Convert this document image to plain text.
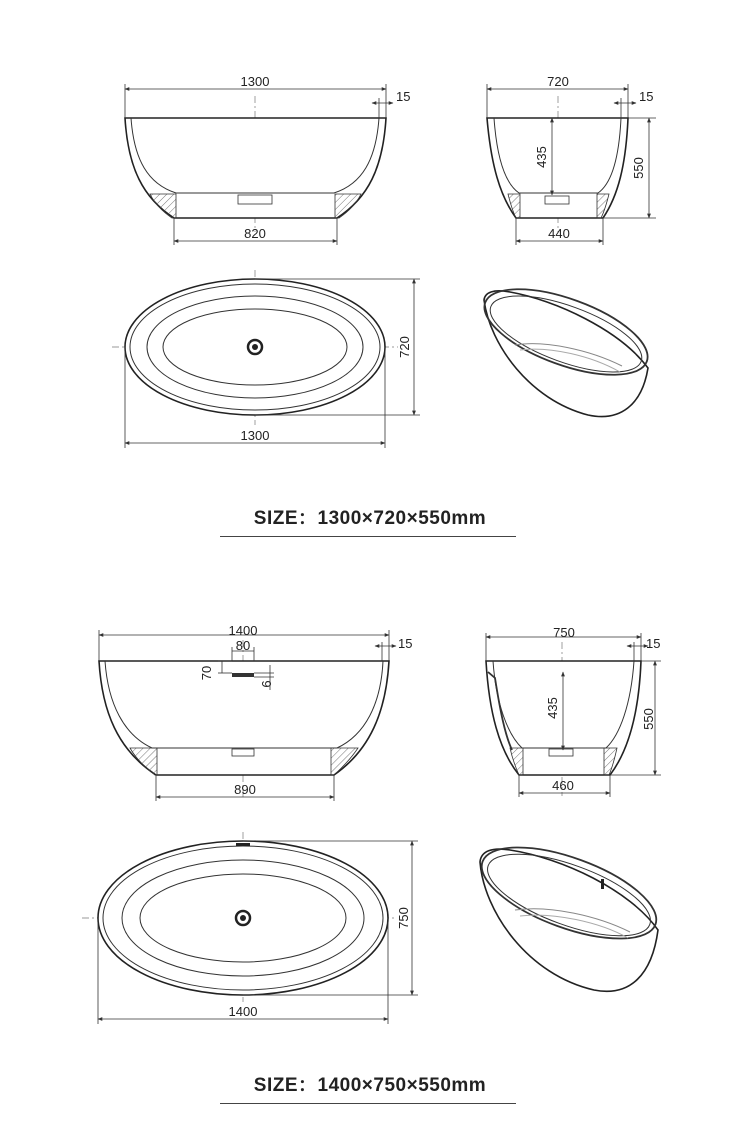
1300
15
820
720
15
435
550
440
720
1300
1400
80
70
6
15
890
750
15
435
550
460
750
1400
SIZE：1300×720×550mm
SIZE：1400×750×550mm
